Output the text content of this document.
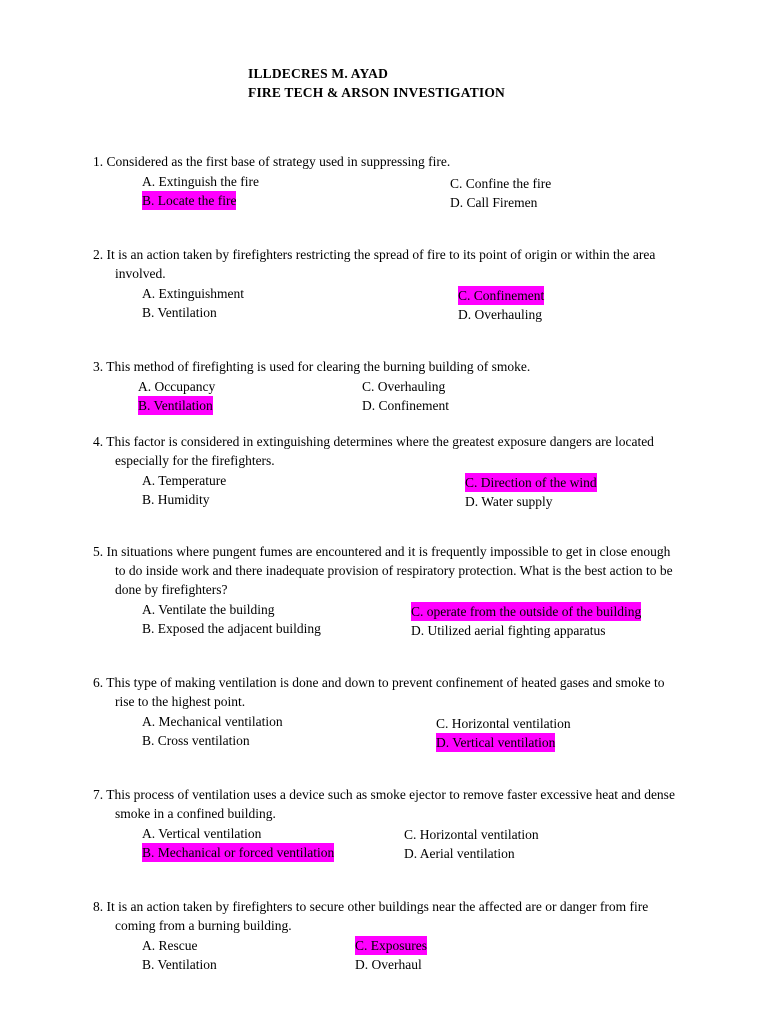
ILLDECRES M. AYAD
FIRE TECH & ARSON INVESTIGATION
1. Considered as the first base of strategy used in suppressing fire.
A. Extinguish the fire
B. Locate the fire
C. Confine the fire
D. Call Firemen
2. It is an action taken by firefighters restricting the spread of fire to its point of origin or within the area involved.
A. Extinguishment
B. Ventilation
C. Confinement
D. Overhauling
3. This method of firefighting is used for clearing the burning building of smoke.
A. Occupancy
B. Ventilation
C. Overhauling
D. Confinement
4. This factor is considered in extinguishing determines where the greatest exposure dangers are located especially for the firefighters.
A. Temperature
B. Humidity
C. Direction of the wind
D. Water supply
5. In situations where pungent fumes are encountered and it is frequently impossible to get in close enough to do inside work and there inadequate provision of respiratory protection. What is the best action to be done by firefighters?
A. Ventilate the building
B. Exposed the adjacent building
C. operate from the outside of the building
D. Utilized aerial fighting apparatus
6. This type of making ventilation is done and down to prevent confinement of heated gases and smoke to rise to the highest point.
A. Mechanical ventilation
B. Cross ventilation
C. Horizontal ventilation
D. Vertical ventilation
7. This process of ventilation uses a device such as smoke ejector to remove faster excessive heat and dense smoke in a confined building.
A. Vertical ventilation
B. Mechanical or forced ventilation
C. Horizontal ventilation
D. Aerial ventilation
8. It is an action taken by firefighters to secure other buildings near the affected are or danger from fire coming from a burning building.
A. Rescue
B. Ventilation
C. Exposures
D. Overhaul
